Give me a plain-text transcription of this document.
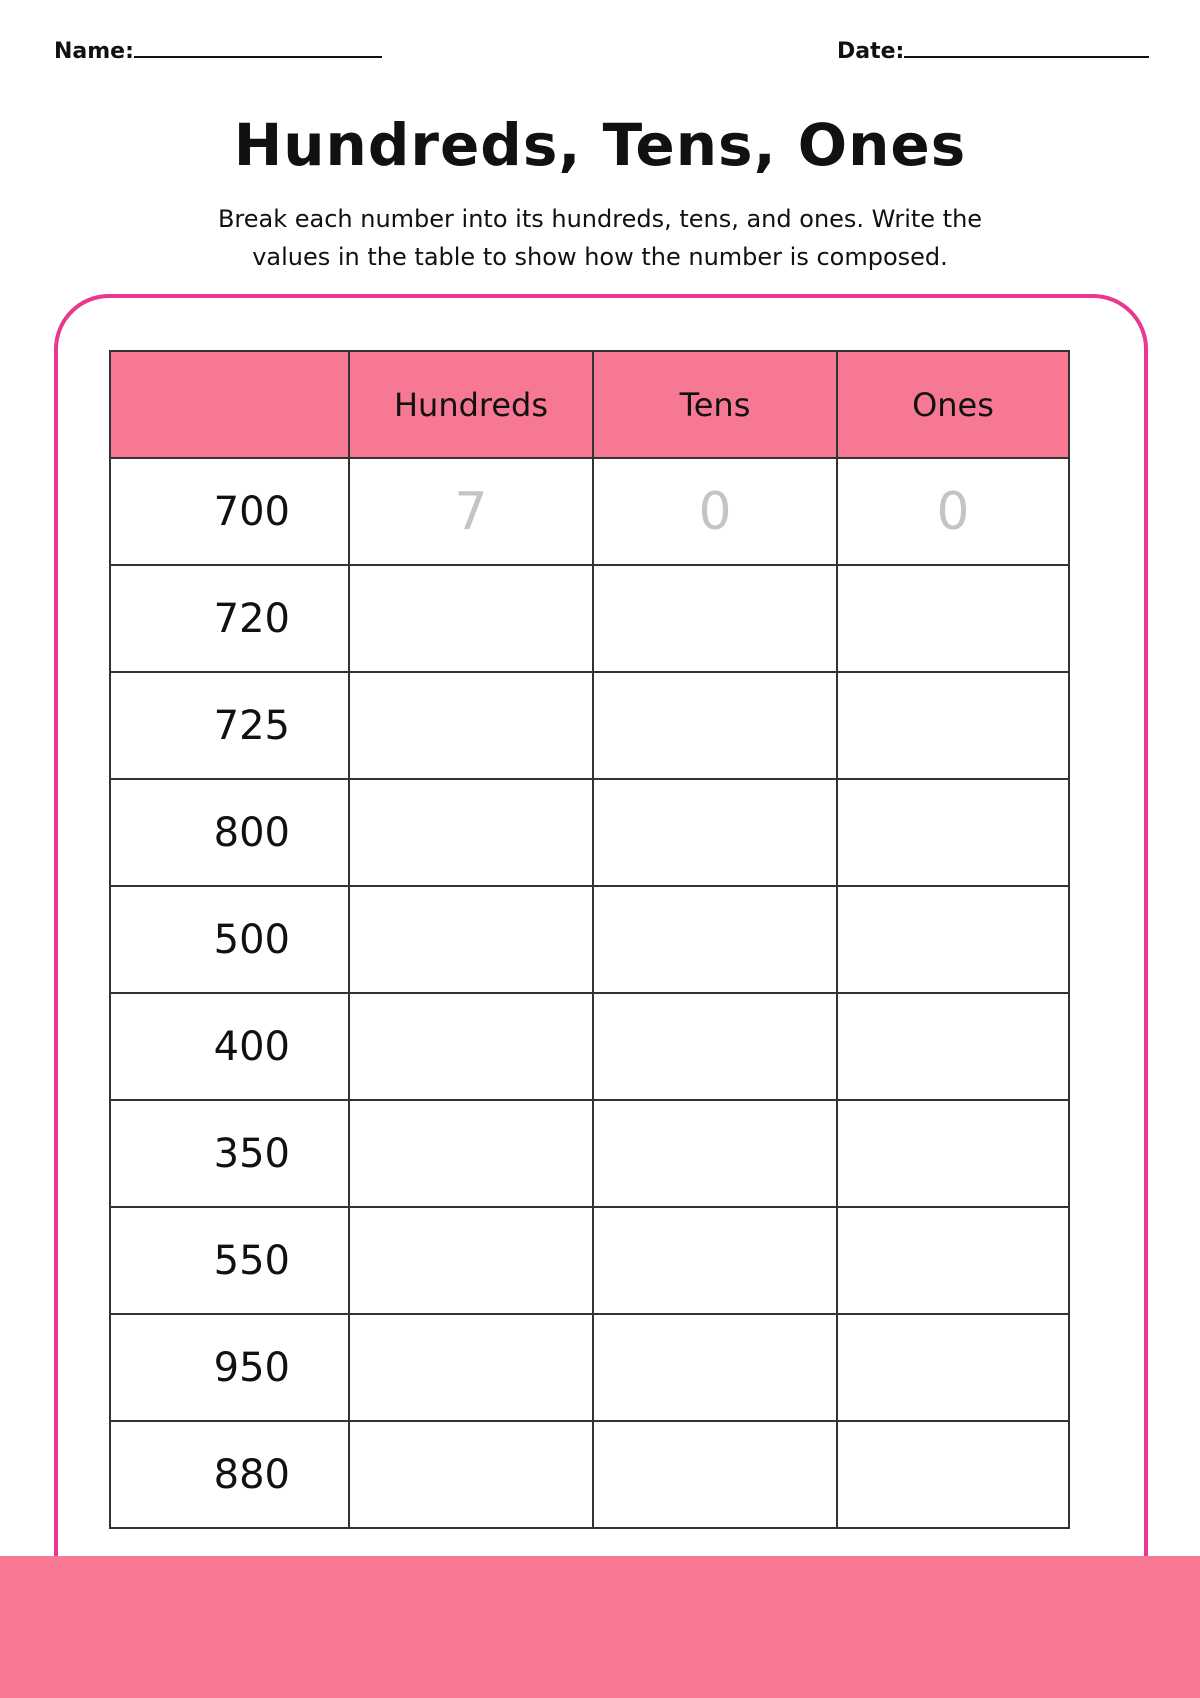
Name:	Date:
Hundreds, Tens, Ones
Break each number into its hundreds, tens, and ones. Write the
values in the table to show how the number is composed.
	Hundreds	Tens	Ones
700	7	0	0
720			
725			
800			
500			
400			
350			
550			
950			
880			
